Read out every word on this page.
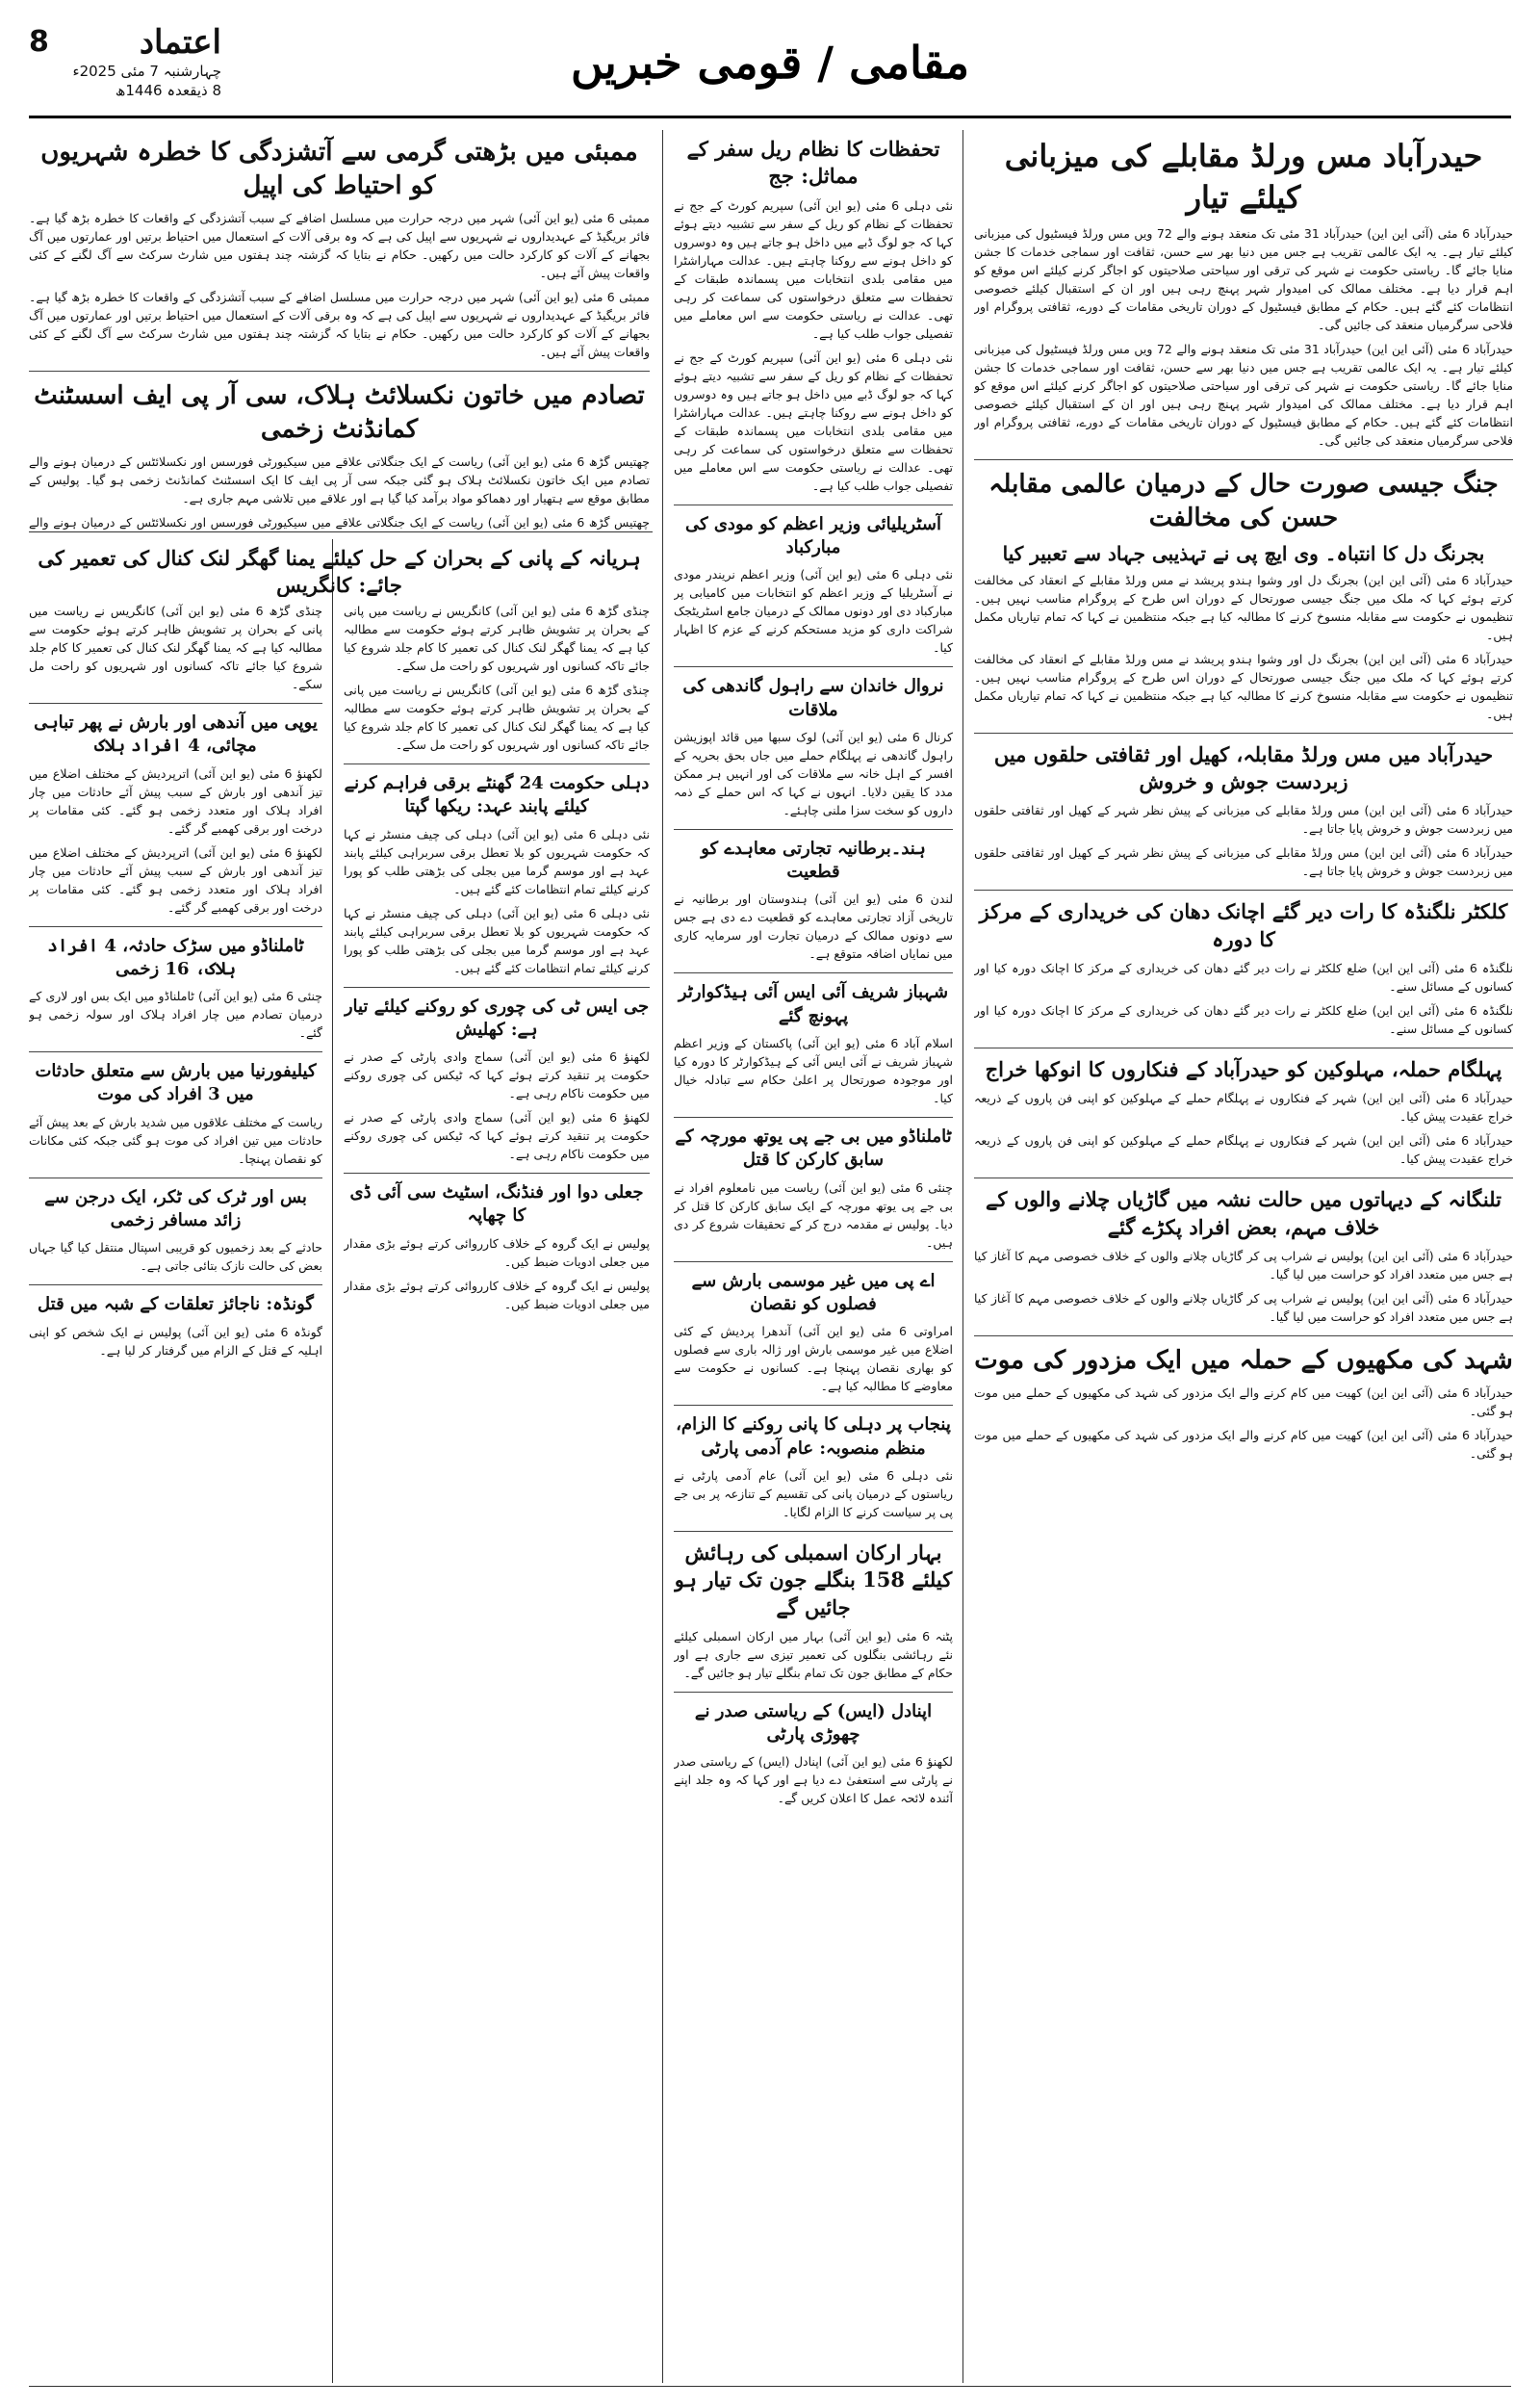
اعتماد
8
چہارشنبہ 7 مئی 2025ء
8 ذیقعدہ 1446ھ
مقامی / قومی خبریں
حیدرآباد مس ورلڈ مقابلے کی میزبانی کیلئے تیار

حیدرآباد 6 مئی (آئی این این) حیدرآباد 31 مئی تک منعقد ہونے والے 72 ویں مس ورلڈ فیسٹیول کی میزبانی کیلئے تیار ہے۔ یہ ایک عالمی تقریب ہے جس میں دنیا بھر سے حسن، ثقافت اور سماجی خدمات کا جشن منایا جائے گا۔ ریاستی حکومت نے شہر کی ترقی اور سیاحتی صلاحیتوں کو اجاگر کرنے کیلئے اس موقع کو اہم قرار دیا ہے۔ مختلف ممالک کی امیدوار شہر پہنچ رہی ہیں اور ان کے استقبال کیلئے خصوصی انتظامات کئے گئے ہیں۔ حکام کے مطابق فیسٹیول کے دوران تاریخی مقامات کے دورے، ثقافتی پروگرام اور فلاحی سرگرمیاں منعقد کی جائیں گی۔

حیدرآباد 6 مئی (آئی این این) حیدرآباد 31 مئی تک منعقد ہونے والے 72 ویں مس ورلڈ فیسٹیول کی میزبانی کیلئے تیار ہے۔ یہ ایک عالمی تقریب ہے جس میں دنیا بھر سے حسن، ثقافت اور سماجی خدمات کا جشن منایا جائے گا۔ ریاستی حکومت نے شہر کی ترقی اور سیاحتی صلاحیتوں کو اجاگر کرنے کیلئے اس موقع کو اہم قرار دیا ہے۔ مختلف ممالک کی امیدوار شہر پہنچ رہی ہیں اور ان کے استقبال کیلئے خصوصی انتظامات کئے گئے ہیں۔ حکام کے مطابق فیسٹیول کے دوران تاریخی مقامات کے دورے، ثقافتی پروگرام اور فلاحی سرگرمیاں منعقد کی جائیں گی۔

جنگ جیسی صورت حال کے درمیان عالمی مقابلہ حسن کی مخالفت
بجرنگ دل کا انتباہ۔ وی ایچ پی نے تہذیبی جہاد سے تعبیر کیا

حیدرآباد 6 مئی (آئی این این) بجرنگ دل اور وشوا ہندو پریشد نے مس ورلڈ مقابلے کے انعقاد کی مخالفت کرتے ہوئے کہا کہ ملک میں جنگ جیسی صورتحال کے دوران اس طرح کے پروگرام مناسب نہیں ہیں۔ تنظیموں نے حکومت سے مقابلہ منسوخ کرنے کا مطالبہ کیا ہے جبکہ منتظمین نے کہا کہ تمام تیاریاں مکمل ہیں۔

حیدرآباد 6 مئی (آئی این این) بجرنگ دل اور وشوا ہندو پریشد نے مس ورلڈ مقابلے کے انعقاد کی مخالفت کرتے ہوئے کہا کہ ملک میں جنگ جیسی صورتحال کے دوران اس طرح کے پروگرام مناسب نہیں ہیں۔ تنظیموں نے حکومت سے مقابلہ منسوخ کرنے کا مطالبہ کیا ہے جبکہ منتظمین نے کہا کہ تمام تیاریاں مکمل ہیں۔

حیدرآباد میں مس ورلڈ مقابلہ، کھیل اور ثقافتی حلقوں میں زبردست جوش و خروش

حیدرآباد 6 مئی (آئی این این) مس ورلڈ مقابلے کی میزبانی کے پیش نظر شہر کے کھیل اور ثقافتی حلقوں میں زبردست جوش و خروش پایا جاتا ہے۔

حیدرآباد 6 مئی (آئی این این) مس ورلڈ مقابلے کی میزبانی کے پیش نظر شہر کے کھیل اور ثقافتی حلقوں میں زبردست جوش و خروش پایا جاتا ہے۔

کلکٹر نلگنڈہ کا رات دیر گئے اچانک دھان کی خریداری کے مرکز کا دورہ

نلگنڈہ 6 مئی (آئی این این) ضلع کلکٹر نے رات دیر گئے دھان کی خریداری کے مرکز کا اچانک دورہ کیا اور کسانوں کے مسائل سنے۔

نلگنڈہ 6 مئی (آئی این این) ضلع کلکٹر نے رات دیر گئے دھان کی خریداری کے مرکز کا اچانک دورہ کیا اور کسانوں کے مسائل سنے۔

پہلگام حملہ، مہلوکین کو حیدرآباد کے فنکاروں کا انوکھا خراج

حیدرآباد 6 مئی (آئی این این) شہر کے فنکاروں نے پہلگام حملے کے مہلوکین کو اپنی فن پاروں کے ذریعہ خراج عقیدت پیش کیا۔

حیدرآباد 6 مئی (آئی این این) شہر کے فنکاروں نے پہلگام حملے کے مہلوکین کو اپنی فن پاروں کے ذریعہ خراج عقیدت پیش کیا۔

تلنگانہ کے دیہاتوں میں حالت نشہ میں گاڑیاں چلانے والوں کے خلاف مہم، بعض افراد پکڑے گئے

حیدرآباد 6 مئی (آئی این این) پولیس نے شراب پی کر گاڑیاں چلانے والوں کے خلاف خصوصی مہم کا آغاز کیا ہے جس میں متعدد افراد کو حراست میں لیا گیا۔

حیدرآباد 6 مئی (آئی این این) پولیس نے شراب پی کر گاڑیاں چلانے والوں کے خلاف خصوصی مہم کا آغاز کیا ہے جس میں متعدد افراد کو حراست میں لیا گیا۔

شہد کی مکھیوں کے حملہ میں ایک مزدور کی موت

حیدرآباد 6 مئی (آئی این این) کھیت میں کام کرنے والے ایک مزدور کی شہد کی مکھیوں کے حملے میں موت ہو گئی۔

حیدرآباد 6 مئی (آئی این این) کھیت میں کام کرنے والے ایک مزدور کی شہد کی مکھیوں کے حملے میں موت ہو گئی۔

تحفظات کا نظام ریل سفر کے مماثل: جج

نئی دہلی 6 مئی (یو این آئی) سپریم کورٹ کے جج نے تحفظات کے نظام کو ریل کے سفر سے تشبیہ دیتے ہوئے کہا کہ جو لوگ ڈبے میں داخل ہو جاتے ہیں وہ دوسروں کو داخل ہونے سے روکنا چاہتے ہیں۔ عدالت مہاراشٹرا میں مقامی بلدی انتخابات میں پسماندہ طبقات کے تحفظات سے متعلق درخواستوں کی سماعت کر رہی تھی۔ عدالت نے ریاستی حکومت سے اس معاملے میں تفصیلی جواب طلب کیا ہے۔

نئی دہلی 6 مئی (یو این آئی) سپریم کورٹ کے جج نے تحفظات کے نظام کو ریل کے سفر سے تشبیہ دیتے ہوئے کہا کہ جو لوگ ڈبے میں داخل ہو جاتے ہیں وہ دوسروں کو داخل ہونے سے روکنا چاہتے ہیں۔ عدالت مہاراشٹرا میں مقامی بلدی انتخابات میں پسماندہ طبقات کے تحفظات سے متعلق درخواستوں کی سماعت کر رہی تھی۔ عدالت نے ریاستی حکومت سے اس معاملے میں تفصیلی جواب طلب کیا ہے۔

آسٹریلیائی وزیر اعظم کو مودی کی مبارکباد

نئی دہلی 6 مئی (یو این آئی) وزیر اعظم نریندر مودی نے آسٹریلیا کے وزیر اعظم کو انتخابات میں کامیابی پر مبارکباد دی اور دونوں ممالک کے درمیان جامع اسٹریٹجک شراکت داری کو مزید مستحکم کرنے کے عزم کا اظہار کیا۔

نروال خاندان سے راہول گاندھی کی ملاقات

کرنال 6 مئی (یو این آئی) لوک سبھا میں قائد اپوزیشن راہول گاندھی نے پہلگام حملے میں جاں بحق بحریہ کے افسر کے اہل خانہ سے ملاقات کی اور انہیں ہر ممکن مدد کا یقین دلایا۔ انہوں نے کہا کہ اس حملے کے ذمہ داروں کو سخت سزا ملنی چاہئے۔

ہند۔برطانیہ تجارتی معاہدے کو قطعیت

لندن 6 مئی (یو این آئی) ہندوستان اور برطانیہ نے تاریخی آزاد تجارتی معاہدے کو قطعیت دے دی ہے جس سے دونوں ممالک کے درمیان تجارت اور سرمایہ کاری میں نمایاں اضافہ متوقع ہے۔

شہباز شریف آئی ایس آئی ہیڈکوارٹر پہونچ گئے

اسلام آباد 6 مئی (یو این آئی) پاکستان کے وزیر اعظم شہباز شریف نے آئی ایس آئی کے ہیڈکوارٹر کا دورہ کیا اور موجودہ صورتحال پر اعلیٰ حکام سے تبادلہ خیال کیا۔

ٹاملناڈو میں بی جے پی یوتھ مورچہ کے سابق کارکن کا قتل

چنئی 6 مئی (یو این آئی) ریاست میں نامعلوم افراد نے بی جے پی یوتھ مورچہ کے ایک سابق کارکن کا قتل کر دیا۔ پولیس نے مقدمہ درج کر کے تحقیقات شروع کر دی ہیں۔

اے پی میں غیر موسمی بارش سے فصلوں کو نقصان

امراوتی 6 مئی (یو این آئی) آندھرا پردیش کے کئی اضلاع میں غیر موسمی بارش اور ژالہ باری سے فصلوں کو بھاری نقصان پہنچا ہے۔ کسانوں نے حکومت سے معاوضے کا مطالبہ کیا ہے۔

پنجاب پر دہلی کا پانی روکنے کا الزام، منظم منصوبہ: عام آدمی پارٹی

نئی دہلی 6 مئی (یو این آئی) عام آدمی پارٹی نے ریاستوں کے درمیان پانی کی تقسیم کے تنازعہ پر بی جے پی پر سیاست کرنے کا الزام لگایا۔

بہار ارکان اسمبلی کی رہائش کیلئے 158 بنگلے جون تک تیار ہو جائیں گے

پٹنہ 6 مئی (یو این آئی) بہار میں ارکان اسمبلی کیلئے نئے رہائشی بنگلوں کی تعمیر تیزی سے جاری ہے اور حکام کے مطابق جون تک تمام بنگلے تیار ہو جائیں گے۔

اپنادل (ایس) کے ریاستی صدر نے چھوڑی پارٹی

لکھنؤ 6 مئی (یو این آئی) اپنادل (ایس) کے ریاستی صدر نے پارٹی سے استعفیٰ دے دیا ہے اور کہا کہ وہ جلد اپنے آئندہ لائحہ عمل کا اعلان کریں گے۔

ممبئی میں بڑھتی گرمی سے آتشزدگی کا خطرہ شہریوں کو احتیاط کی اپیل

ممبئی 6 مئی (یو این آئی) شہر میں درجہ حرارت میں مسلسل اضافے کے سبب آتشزدگی کے واقعات کا خطرہ بڑھ گیا ہے۔ فائر بریگیڈ کے عہدیداروں نے شہریوں سے اپیل کی ہے کہ وہ برقی آلات کے استعمال میں احتیاط برتیں اور عمارتوں میں آگ بجھانے کے آلات کو کارکرد حالت میں رکھیں۔ حکام نے بتایا کہ گزشتہ چند ہفتوں میں شارٹ سرکٹ سے آگ لگنے کے کئی واقعات پیش آئے ہیں۔

ممبئی 6 مئی (یو این آئی) شہر میں درجہ حرارت میں مسلسل اضافے کے سبب آتشزدگی کے واقعات کا خطرہ بڑھ گیا ہے۔ فائر بریگیڈ کے عہدیداروں نے شہریوں سے اپیل کی ہے کہ وہ برقی آلات کے استعمال میں احتیاط برتیں اور عمارتوں میں آگ بجھانے کے آلات کو کارکرد حالت میں رکھیں۔ حکام نے بتایا کہ گزشتہ چند ہفتوں میں شارٹ سرکٹ سے آگ لگنے کے کئی واقعات پیش آئے ہیں۔

تصادم میں خاتون نکسلائٹ ہلاک، سی آر پی ایف اسسٹنٹ کمانڈنٹ زخمی

چھتیس گڑھ 6 مئی (یو این آئی) ریاست کے ایک جنگلاتی علاقے میں سیکیورٹی فورسس اور نکسلائٹس کے درمیان ہونے والے تصادم میں ایک خاتون نکسلائٹ ہلاک ہو گئی جبکہ سی آر پی ایف کا ایک اسسٹنٹ کمانڈنٹ زخمی ہو گیا۔ پولیس کے مطابق موقع سے ہتھیار اور دھماکو مواد برآمد کیا گیا ہے اور علاقے میں تلاشی مہم جاری ہے۔

چھتیس گڑھ 6 مئی (یو این آئی) ریاست کے ایک جنگلاتی علاقے میں سیکیورٹی فورسس اور نکسلائٹس کے درمیان ہونے والے

ہریانہ کے پانی کے بحران کے حل کیلئے یمنا گھگر لنک کنال کی تعمیر کی جائے: کانگریس

چنڈی گڑھ 6 مئی (یو این آئی) کانگریس نے ریاست میں پانی کے بحران پر تشویش ظاہر کرتے ہوئے حکومت سے مطالبہ کیا ہے کہ یمنا گھگر لنک کنال کی تعمیر کا کام جلد شروع کیا جائے تاکہ کسانوں اور شہریوں کو راحت مل سکے۔

چنڈی گڑھ 6 مئی (یو این آئی) کانگریس نے ریاست میں پانی کے بحران پر تشویش ظاہر کرتے ہوئے حکومت سے مطالبہ کیا ہے کہ یمنا گھگر لنک کنال کی تعمیر کا کام جلد شروع کیا جائے تاکہ کسانوں اور شہریوں کو راحت مل سکے۔

دہلی حکومت 24 گھنٹے برقی فراہم کرنے کیلئے پابند عہد: ریکھا گپتا

نئی دہلی 6 مئی (یو این آئی) دہلی کی چیف منسٹر نے کہا کہ حکومت شہریوں کو بلا تعطل برقی سربراہی کیلئے پابند عہد ہے اور موسم گرما میں بجلی کی بڑھتی طلب کو پورا کرنے کیلئے تمام انتظامات کئے گئے ہیں۔

نئی دہلی 6 مئی (یو این آئی) دہلی کی چیف منسٹر نے کہا کہ حکومت شہریوں کو بلا تعطل برقی سربراہی کیلئے پابند عہد ہے اور موسم گرما میں بجلی کی بڑھتی طلب کو پورا کرنے کیلئے تمام انتظامات کئے گئے ہیں۔

جی ایس ٹی کی چوری کو روکنے کیلئے تیار ہے: کھلیش

لکھنؤ 6 مئی (یو این آئی) سماج وادی پارٹی کے صدر نے حکومت پر تنقید کرتے ہوئے کہا کہ ٹیکس کی چوری روکنے میں حکومت ناکام رہی ہے۔

لکھنؤ 6 مئی (یو این آئی) سماج وادی پارٹی کے صدر نے حکومت پر تنقید کرتے ہوئے کہا کہ ٹیکس کی چوری روکنے میں حکومت ناکام رہی ہے۔

جعلی دوا اور فنڈنگ، اسٹیٹ سی آئی ڈی کا چھاپہ

پولیس نے ایک گروہ کے خلاف کارروائی کرتے ہوئے بڑی مقدار میں جعلی ادویات ضبط کیں۔

پولیس نے ایک گروہ کے خلاف کارروائی کرتے ہوئے بڑی مقدار میں جعلی ادویات ضبط کیں۔

چنڈی گڑھ 6 مئی (یو این آئی) کانگریس نے ریاست میں پانی کے بحران پر تشویش ظاہر کرتے ہوئے حکومت سے مطالبہ کیا ہے کہ یمنا گھگر لنک کنال کی تعمیر کا کام جلد شروع کیا جائے تاکہ کسانوں اور شہریوں کو راحت مل سکے۔

یوپی میں آندھی اور بارش نے پھر تباہی مچائی، 4 افراد ہلاک

لکھنؤ 6 مئی (یو این آئی) اترپردیش کے مختلف اضلاع میں تیز آندھی اور بارش کے سبب پیش آئے حادثات میں چار افراد ہلاک اور متعدد زخمی ہو گئے۔ کئی مقامات پر درخت اور برقی کھمبے گر گئے۔

لکھنؤ 6 مئی (یو این آئی) اترپردیش کے مختلف اضلاع میں تیز آندھی اور بارش کے سبب پیش آئے حادثات میں چار افراد ہلاک اور متعدد زخمی ہو گئے۔ کئی مقامات پر درخت اور برقی کھمبے گر گئے۔

ٹاملناڈو میں سڑک حادثہ، 4 افراد ہلاک، 16 زخمی

چنئی 6 مئی (یو این آئی) ٹاملناڈو میں ایک بس اور لاری کے درمیان تصادم میں چار افراد ہلاک اور سولہ زخمی ہو گئے۔

کیلیفورنیا میں بارش سے متعلق حادثات میں 3 افراد کی موت

ریاست کے مختلف علاقوں میں شدید بارش کے بعد پیش آئے حادثات میں تین افراد کی موت ہو گئی جبکہ کئی مکانات کو نقصان پہنچا۔

بس اور ٹرک کی ٹکر، ایک درجن سے زائد مسافر زخمی

حادثے کے بعد زخمیوں کو قریبی اسپتال منتقل کیا گیا جہاں بعض کی حالت نازک بتائی جاتی ہے۔

گونڈہ: ناجائز تعلقات کے شبہ میں قتل

گونڈہ 6 مئی (یو این آئی) پولیس نے ایک شخص کو اپنی اہلیہ کے قتل کے الزام میں گرفتار کر لیا ہے۔
